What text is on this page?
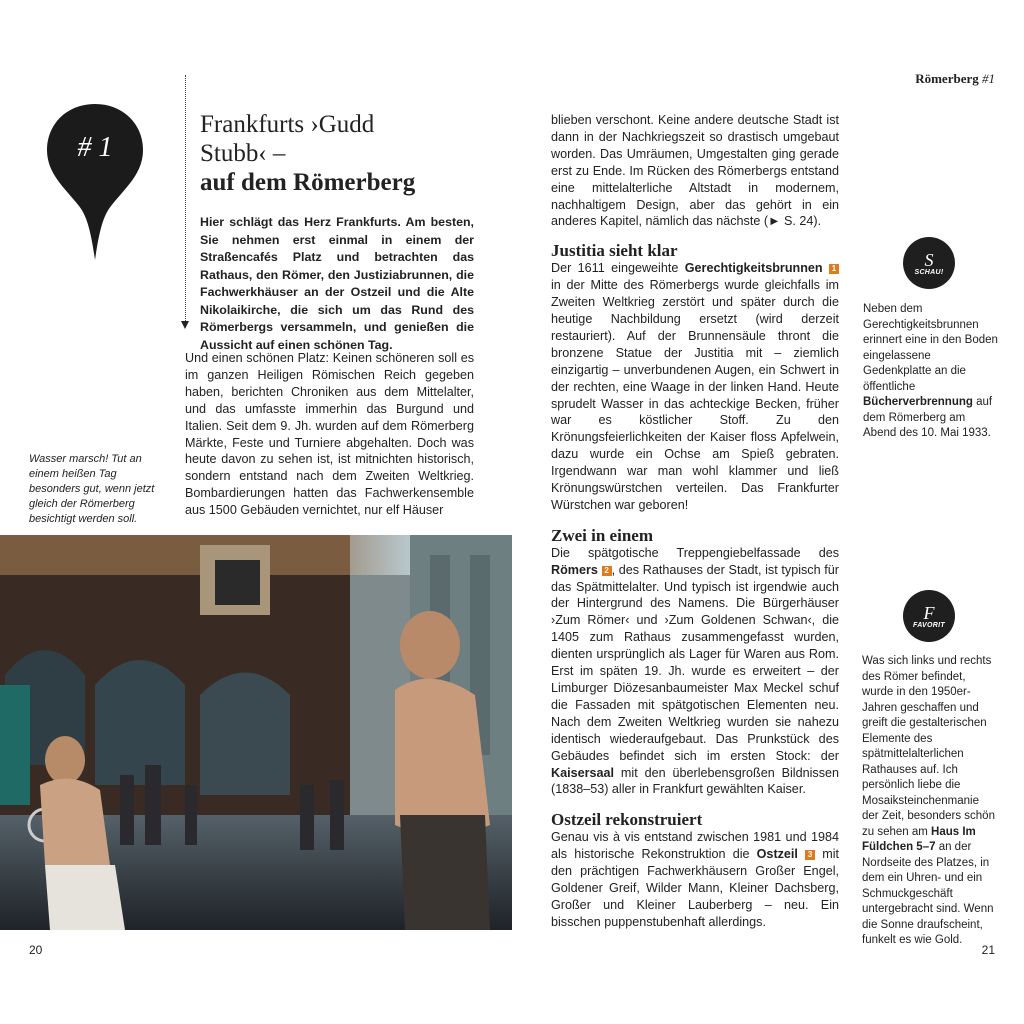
Römerberg #1
# 1
Frankfurts ›Gudd
Stubb‹ –
auf dem Römerberg
Hier schlägt das Herz Frankfurts. Am besten, Sie nehmen erst einmal in einem der Straßencafés Platz und betrachten das Rathaus, den Römer, den Justiziabrunnen, die Fachwerkhäuser an der Ostzeil und die Alte Nikolaikirche, die sich um das Rund des Römerbergs versammeln, und genießen die Aussicht auf einen schönen Tag.
Und einen schönen Platz: Keinen schöneren soll es im ganzen Heiligen Römischen Reich gegeben haben, berichten Chroniken aus dem Mittelalter, und das umfasste immerhin das Burgund und Italien. Seit dem 9. Jh. wurden auf dem Römerberg Märkte, Feste und Turniere abgehalten. Doch was heute davon zu sehen ist, ist mitnichten historisch, sondern entstand nach dem Zweiten Weltkrieg. Bombardierungen hatten das Fachwerkensemble aus 1500 Gebäuden vernichtet, nur elf Häuser
Wasser marsch! Tut an einem heißen Tag besonders gut, wenn jetzt gleich der Römerberg besichtigt werden soll.
20

blieben verschont. Keine andere deutsche Stadt ist dann in der Nachkriegszeit so drastisch umgebaut worden. Das Umräumen, Umgestalten ging gerade erst zu Ende. Im Rücken des Römerbergs entstand eine mittelalterliche Altstadt in modernem, nachhaltigem Design, aber das gehört in ein anderes Kapitel, nämlich das nächste (► S. 24).

Justitia sieht klar

Der 1611 eingeweihte Gerechtigkeitsbrunnen 1 in der Mitte des Römerbergs wurde gleichfalls im Zweiten Weltkrieg zerstört und später durch die heutige Nachbildung ersetzt (wird derzeit restauriert). Auf der Brunnensäule thront die bronzene Statue der Justitia mit – ziemlich einzigartig – unverbundenen Augen, ein Schwert in der rechten, eine Waage in der linken Hand. Heute sprudelt Wasser in das achteckige Becken, früher war es köstlicher Stoff. Zu den Krönungsfeierlichkeiten der Kaiser floss Apfelwein, dazu wurde ein Ochse am Spieß gebraten. Irgendwann war man wohl klammer und ließ Krönungswürstchen verteilen. Das Frankfurter Würstchen war geboren!

Zwei in einem

Die spätgotische Treppengiebelfassade des Römers 2 , des Rathauses der Stadt, ist typisch für das Spätmittelalter. Und typisch ist irgendwie auch der Hintergrund des Namens. Die Bürgerhäuser ›Zum Römer‹ und ›Zum Goldenen Schwan‹, die 1405 zum Rathaus zusammengefasst wurden, dienten ursprünglich als Lager für Waren aus Rom. Erst im späten 19. Jh. wurde es erweitert – der Limburger Diözesanbaumeister Max Meckel schuf die Fassaden mit spätgotischen Elementen neu. Nach dem Zweiten Weltkrieg wurden sie nahezu identisch wiederaufgebaut. Das Prunkstück des Gebäudes befindet sich im ersten Stock: der Kaisersaal mit den überlebensgroßen Bildnissen (1838–53) aller in Frankfurt gewählten Kaiser.

Ostzeil rekonstruiert

Genau vis à vis entstand zwischen 1981 und 1984 als historische Rekonstruktion die Ostzeil 3 mit den prächtigen Fachwerkhäusern Großer Engel, Goldener Greif, Wilder Mann, Kleiner Dachsberg, Großer und Kleiner Lauberberg – neu. Ein bisschen puppenstubenhaft allerdings.

S
SCHAU!
Neben dem Gerechtigkeitsbrunnen erinnert eine in den Boden eingelassene Gedenkplatte an die öffentliche Bücherverbrennung auf dem Römerberg am Abend des 10. Mai 1933.
F
FAVORIT
Was sich links und rechts des Römer befindet, wurde in den 1950er-Jahren geschaffen und greift die gestalterischen Elemente des spätmittelalterlichen Rathauses auf. Ich persönlich liebe die Mosaiksteinchenmanie der Zeit, besonders schön zu sehen am Haus Im Füldchen 5–7 an der Nordseite des Platzes, in dem ein Uhren- und ein Schmuckgeschäft untergebracht sind. Wenn die Sonne draufscheint, funkelt es wie Gold.
21
